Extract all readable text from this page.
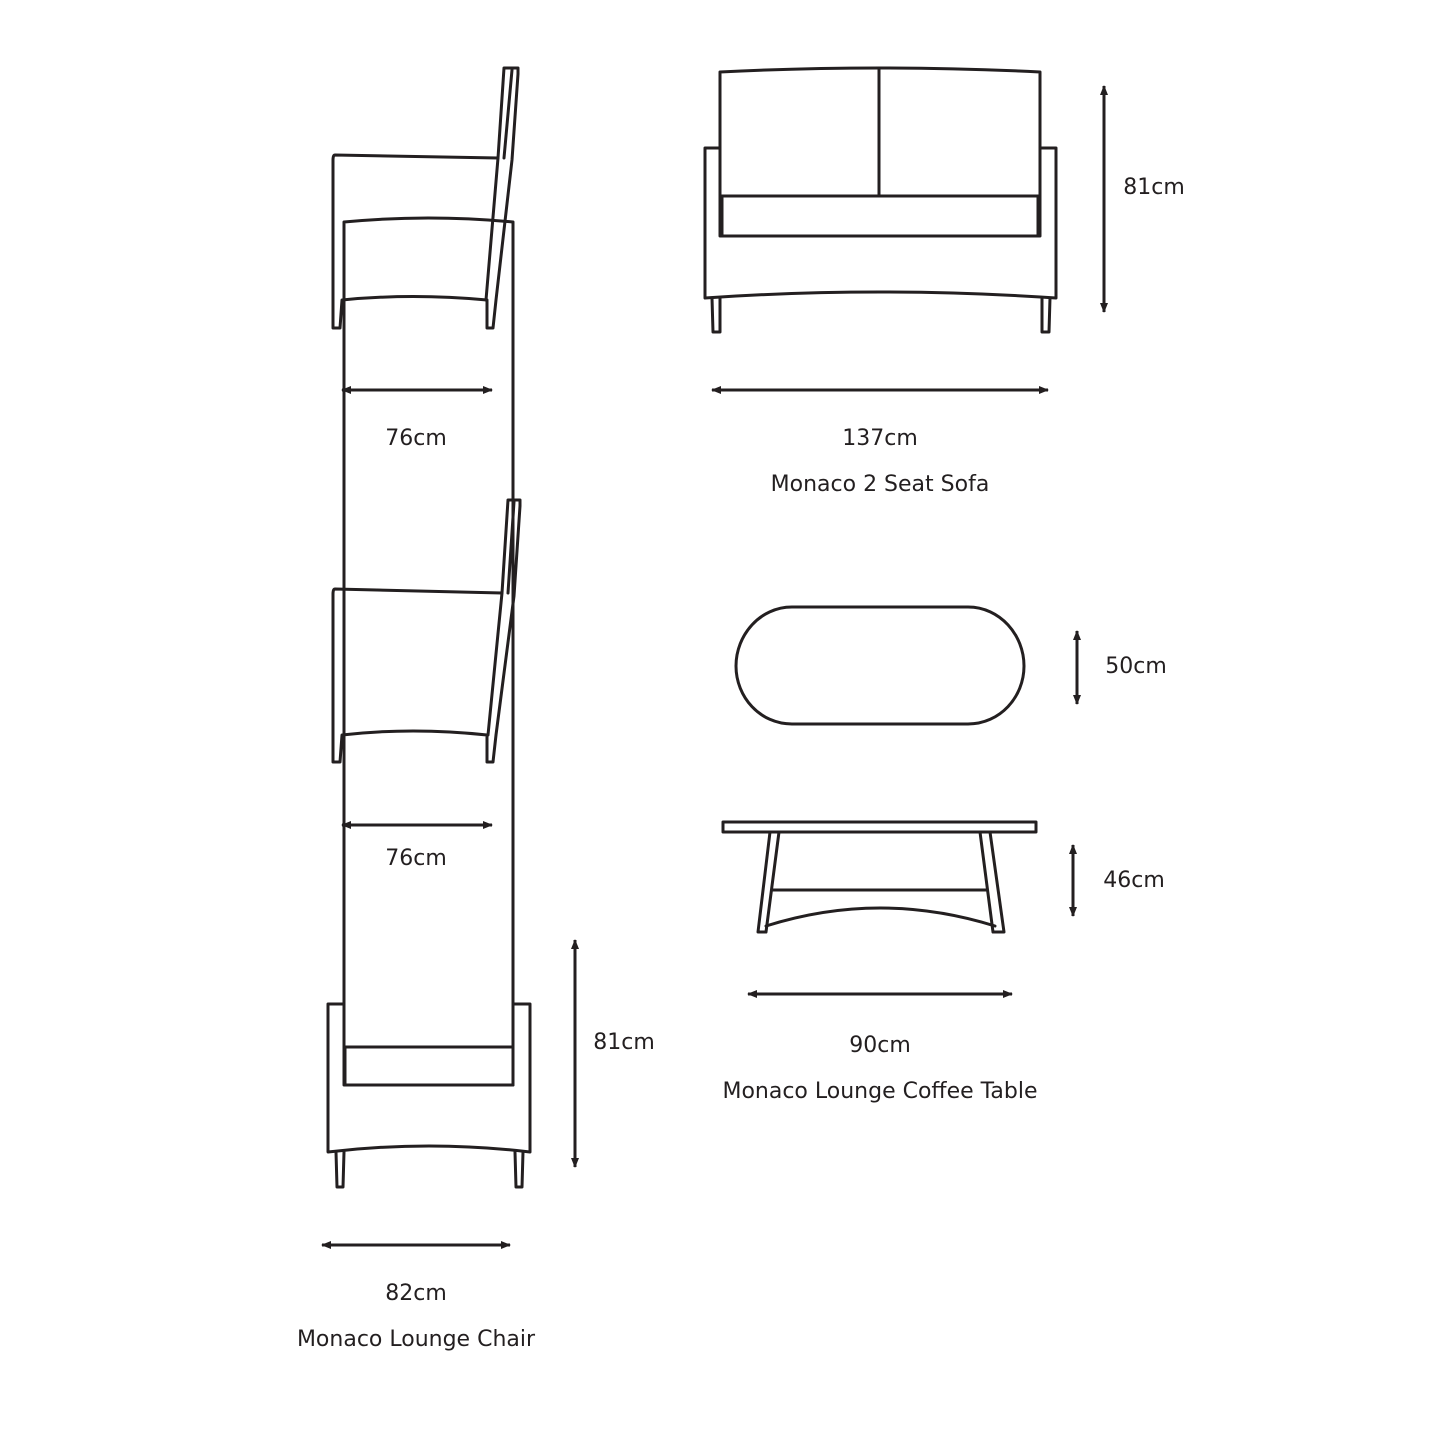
76cm
81cm
137cm
Monaco 2 Seat Sofa
76cm
50cm
46cm
90cm
Monaco Lounge Coffee Table
81cm
82cm
Monaco Lounge Chair
